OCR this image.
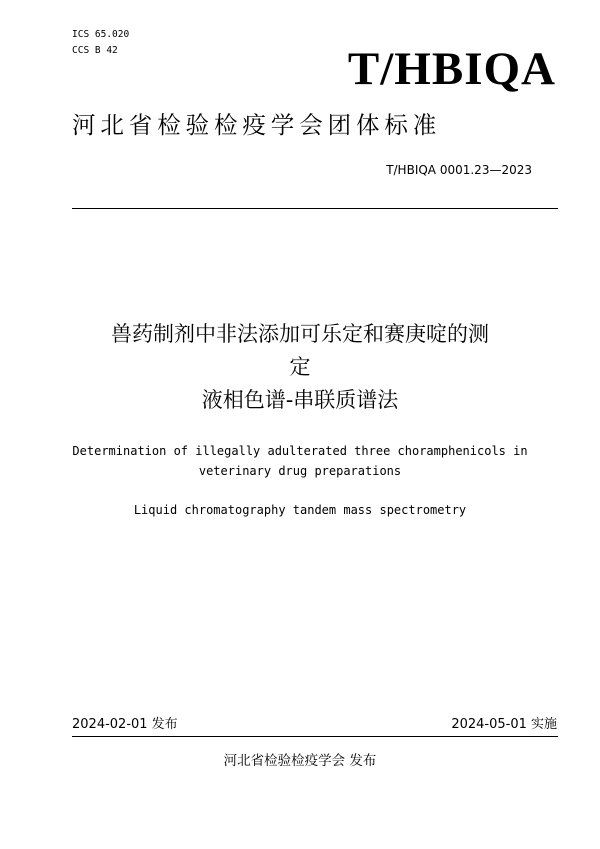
ICS 65.020
CCS B 42	T/HBIQA
河北省检验检疫学会团体标准
T/HBIQA 0001.23—2023
兽药制剂中非法添加可乐定和赛庚啶的测
定
液相色谱-串联质谱法
Determination of illegally adulterated three choramphenicols in
veterinary drug preparations
Liquid chromatography tandem mass spectrometry
2024-02-01 发布	2024-05-01 实施
河北省检验检疫学会 发布
